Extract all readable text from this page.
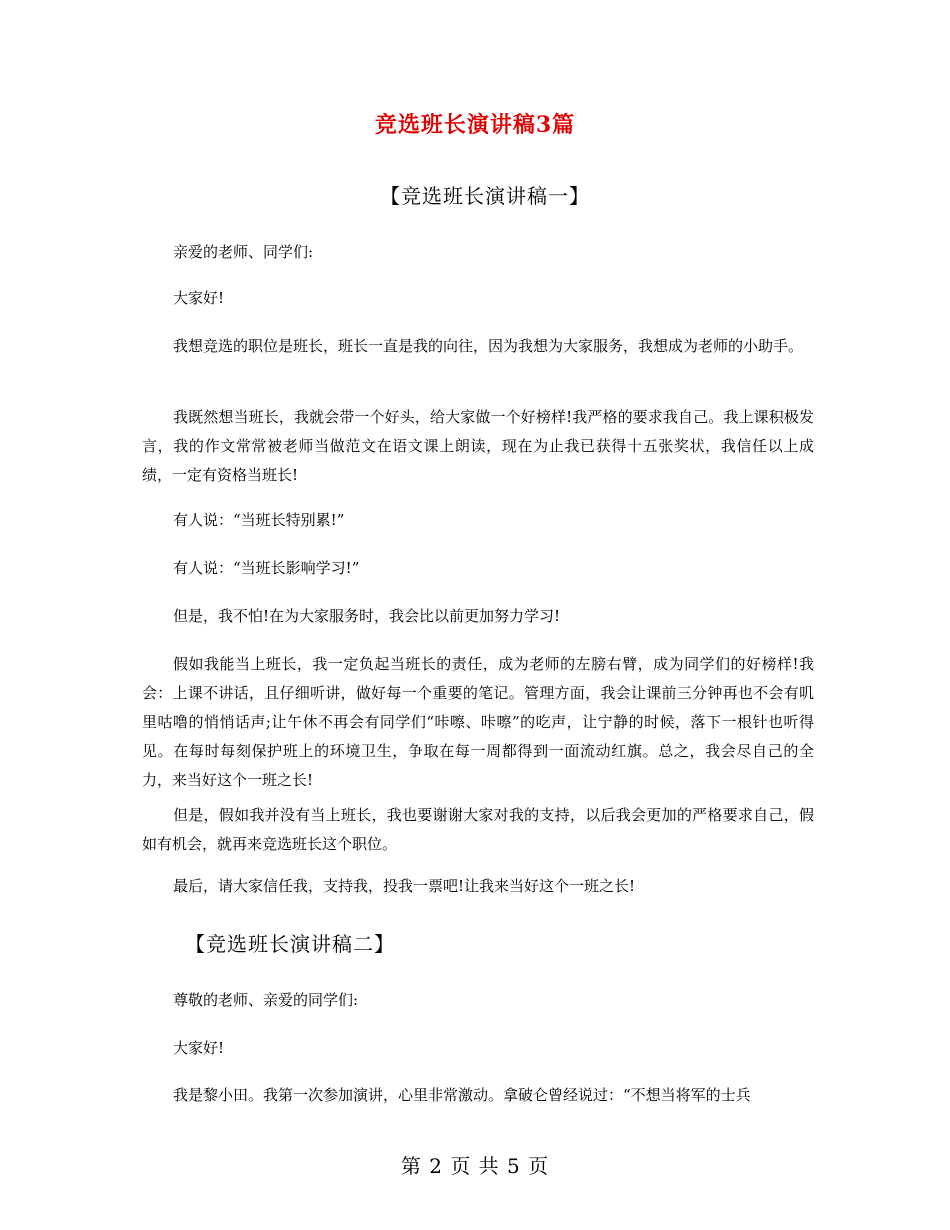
竞选班长演讲稿3篇
【竞选班长演讲稿一】

亲爱的老师、同学们:

大家好!

我想竞选的职位是班长，班长一直是我的向往，因为我想为大家服务，我想成为老师的小助手。

我既然想当班长，我就会带一个好头，给大家做一个好榜样!我严格的要求我自己。我上课积极发言，我的作文常常被老师当做范文在语文课上朗读，现在为止我已获得十五张奖状，我信任以上成绩，一定有资格当班长!

有人说：“当班长特别累!”

有人说：“当班长影响学习!”

但是，我不怕!在为大家服务时，我会比以前更加努力学习!

假如我能当上班长，我一定负起当班长的责任，成为老师的左膀右臂，成为同学们的好榜样!我会：上课不讲话，且仔细听讲，做好每一个重要的笔记。管理方面，我会让课前三分钟再也不会有叽里咕噜的悄悄话声;让午休不再会有同学们“咔嚓、咔嚓”的吃声，让宁静的时候，落下一根针也听得见。在每时每刻保护班上的环境卫生，争取在每一周都得到一面流动红旗。总之，我会尽自己的全力，来当好这个一班之长!

但是，假如我并没有当上班长，我也要谢谢大家对我的支持，以后我会更加的严格要求自己，假如有机会，就再来竞选班长这个职位。

最后，请大家信任我，支持我，投我一票吧!让我来当好这个一班之长!

【竞选班长演讲稿二】

尊敬的老师、亲爱的同学们:

大家好!

我是黎小田。我第一次参加演讲，心里非常激动。拿破仑曾经说过：“不想当将军的士兵

第 2 页 共 5 页
